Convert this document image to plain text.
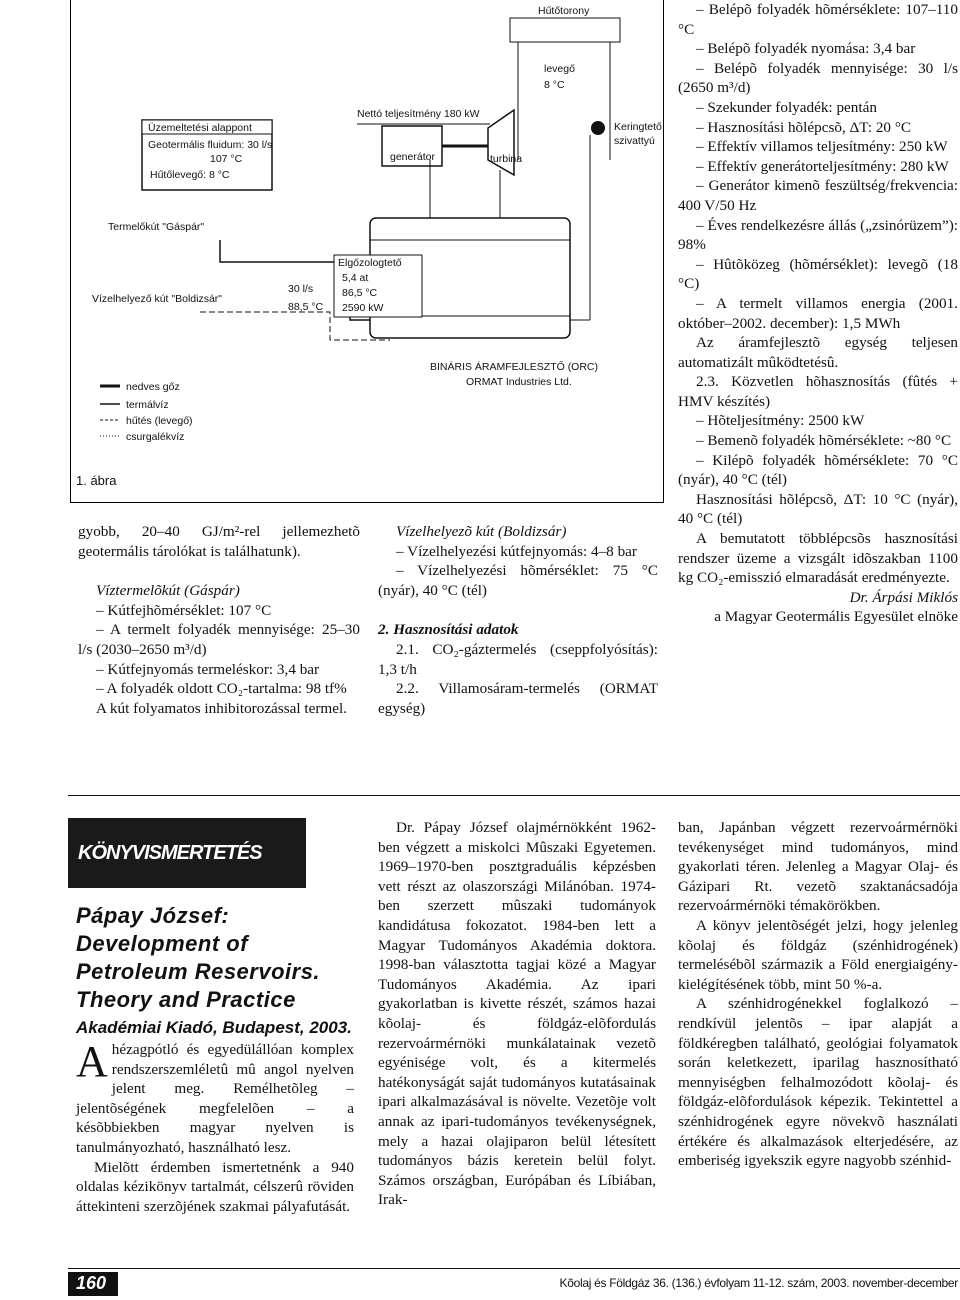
Üzemeltetési alappont
Geotermális fluidum: 30 l/s
107 °C
Hűtőlevegő: 8 °C
Termelőkút "Gáspár"
Vízelhelyező kút "Boldizsár"
30 l/s
88,5 °C
Nettó teljesítmény 180 kW
generátor	turbina
Hűtőtorony
levegő
8 °C
Keringtető
szivattyú
Elgőzologtető
5,4 at
86,5 °C
2590 kW
BINÁRIS ÁRAMFEJLESZTŐ (ORC)
ORMAT Industries Ltd.
nedves gőz
termálvíz
hűtés (levegő)
csurgalékvíz
1. ábra

gyobb, 20–40 GJ/m²-rel jellemezhetõ geotermális tárolókat is találhatunk).

Víztermelõkút (Gáspár)

– Kútfejhõmérséklet: 107 °C

– A termelt folyadék mennyisége: 25–30 l/s (2030–2650 m³/d)

– Kútfejnyomás termeléskor: 3,4 bar

– A folyadék oldott CO₂-tartalma: 98 tf%

A kút folyamatos inhibitorozással termel.

Vízelhelyezõ kút (Boldizsár)

– Vízelhelyezési kútfejnyomás: 4–8 bar

– Vízelhelyezési hõmérséklet: 75 °C (nyár), 40 °C (tél)

2. Hasznosítási adatok

2.1. CO₂-gáztermelés (cseppfolyósítás): 1,3 t/h

2.2. Villamosáram-termelés (ORMAT egység)

– Belépõ folyadék hõmérséklete: 107–110 °C

– Belépõ folyadék nyomása: 3,4 bar

– Belépõ folyadék mennyisége: 30 l/s (2650 m³/d)

– Szekunder folyadék: pentán

– Hasznosítási hõlépcsõ, ΔT: 20 °C

– Effektív villamos teljesítmény: 250 kW

– Effektív generátorteljesítmény: 280 kW

– Generátor kimenõ feszültség/frekvencia: 400 V/50 Hz

– Éves rendelkezésre állás („zsinórüzem”): 98%

– Hûtõközeg (hõmérséklet): levegõ (18 °C)

– A termelt villamos energia (2001. október–2002. december): 1,5 MWh

Az áramfejlesztõ egység teljesen automatizált mûködtetésû.

2.3. Közvetlen hõhasznosítás (fûtés + HMV készítés)

– Hõteljesítmény: 2500 kW

– Bemenõ folyadék hõmérséklete: ~80 °C

– Kilépõ folyadék hõmérséklete: 70 °C (nyár), 40 °C (tél)

Hasznosítási hõlépcsõ, ΔT: 10 °C (nyár), 40 °C (tél)

A bemutatott többlépcsõs hasznosítási rendszer üzeme a vizsgált idõszakban 1100 kg CO₂-emisszió elmaradását eredményezte.

Dr. Árpási Miklós

a Magyar Geotermális Egyesület elnöke

KÖNYVISMERTETÉS

Pápay József: Development of Petroleum Reservoirs. Theory and Practice

Akadémiai Kiadó, Budapest, 2003.

Ahézagpótló és egyedülállóan komplex rendszerszemléletû mû angol nyelven jelent meg. Remélhetõleg – jelentõségének megfelelõen – a késõbbiekben magyar nyelven is tanulmányozható, használható lesz.

Mielõtt érdemben ismertetnénk a 940 oldalas kézikönyv tartalmát, célszerû röviden áttekinteni szerzõjének szakmai pályafutását.

Dr. Pápay József olajmérnökként 1962-ben végzett a miskolci Mûszaki Egyetemen. 1969–1970-ben posztgraduális képzésben vett részt az olaszországi Milánóban. 1974-ben szerzett mûszaki tudományok kandidátusa fokozatot. 1984-ben lett a Magyar Tudományos Akadémia doktora. 1998-ban választotta tagjai közé a Magyar Tudományos Akadémia. Az ipari gyakorlatban is kivette részét, számos hazai kõolaj- és földgáz-elõfordulás rezervoármérnöki munkálatainak vezetõ egyénisége volt, és a kitermelés hatékonyságát saját tudományos kutatásainak ipari alkalmazásával is növelte. Vezetõje volt annak az ipari-tudományos tevékenységnek, mely a hazai olajiparon belül létesített tudományos bázis keretein belül folyt. Számos országban, Európában és Líbiában, Irak-

ban, Japánban végzett rezervoármérnöki tevékenységet mind tudományos, mind gyakorlati téren. Jelenleg a Magyar Olaj- és Gázipari Rt. vezetõ szaktanácsadója rezervoármérnöki témakörökben.

A könyv jelentõségét jelzi, hogy jelenleg kõolaj és földgáz (szénhidrogének) termelésébõl származik a Föld energiaigény-kielégítésének több, mint 50 %-a.

A szénhidrogénekkel foglalkozó – rendkívül jelentõs – ipar alapját a földkéregben található, geológiai folyamatok során keletkezett, iparilag hasznosítható mennyiségben felhalmozódott kõolaj- és földgáz-elõfordulások képezik. Tekintettel a szénhidrogének egyre növekvõ használati értékére és alkalmazások elterjedésére, az emberiség igyekszik egyre nagyobb szénhid-

160	Kõolaj és Földgáz 36. (136.) évfolyam 11-12. szám, 2003. november-december
